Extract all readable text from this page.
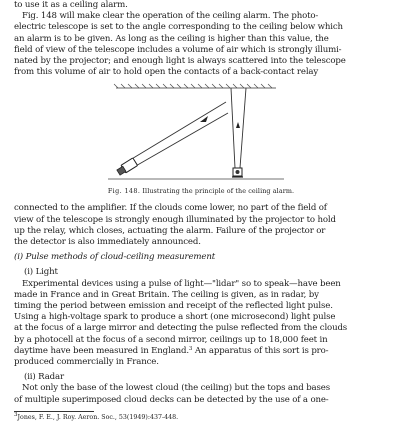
to use it as a ceiling alarm.
Fig. 148 will make clear the operation of the ceiling alarm. The photo-
electric telescope is set to the angle corresponding to the ceiling below which
an alarm is to be given. As long as the ceiling is higher than this value, the
field of view of the telescope includes a volume of air which is strongly illumi-
nated by the projector; and enough light is always scattered into the telescope
from this volume of air to hold open the contacts of a back-contact relay
Fig. 148. Illustrating the principle of the ceiling alarm.
connected to the amplifier. If the clouds come lower, no part of the field of
view of the telescope is strongly enough illuminated by the projector to hold
up the relay, which closes, actuating the alarm. Failure of the projector or
the detector is also immediately announced.
(i) Pulse methods of cloud-ceiling measurement
(i) Light
Experimental devices using a pulse of light—"lidar" so to speak—have been
made in France and in Great Britain. The ceiling is given, as in radar, by
timing the period between emission and receipt of the reflected light pulse.
Using a high-voltage spark to produce a short (one microsecond) light pulse
at the focus of a large mirror and detecting the pulse reflected from the clouds
by a photocell at the focus of a second mirror, ceilings up to 18,000 feet in
daytime have been measured in England.$^3$ An apparatus of this sort is pro-
produced commercially in France.
(ii) Radar
Not only the base of the lowest cloud (the ceiling) but the tops and bases
of multiple superimposed cloud decks can be detected by the use of a one-
$^3$Jones, F. E., J. Roy. Aeron. Soc., 53(1949):437-448.
